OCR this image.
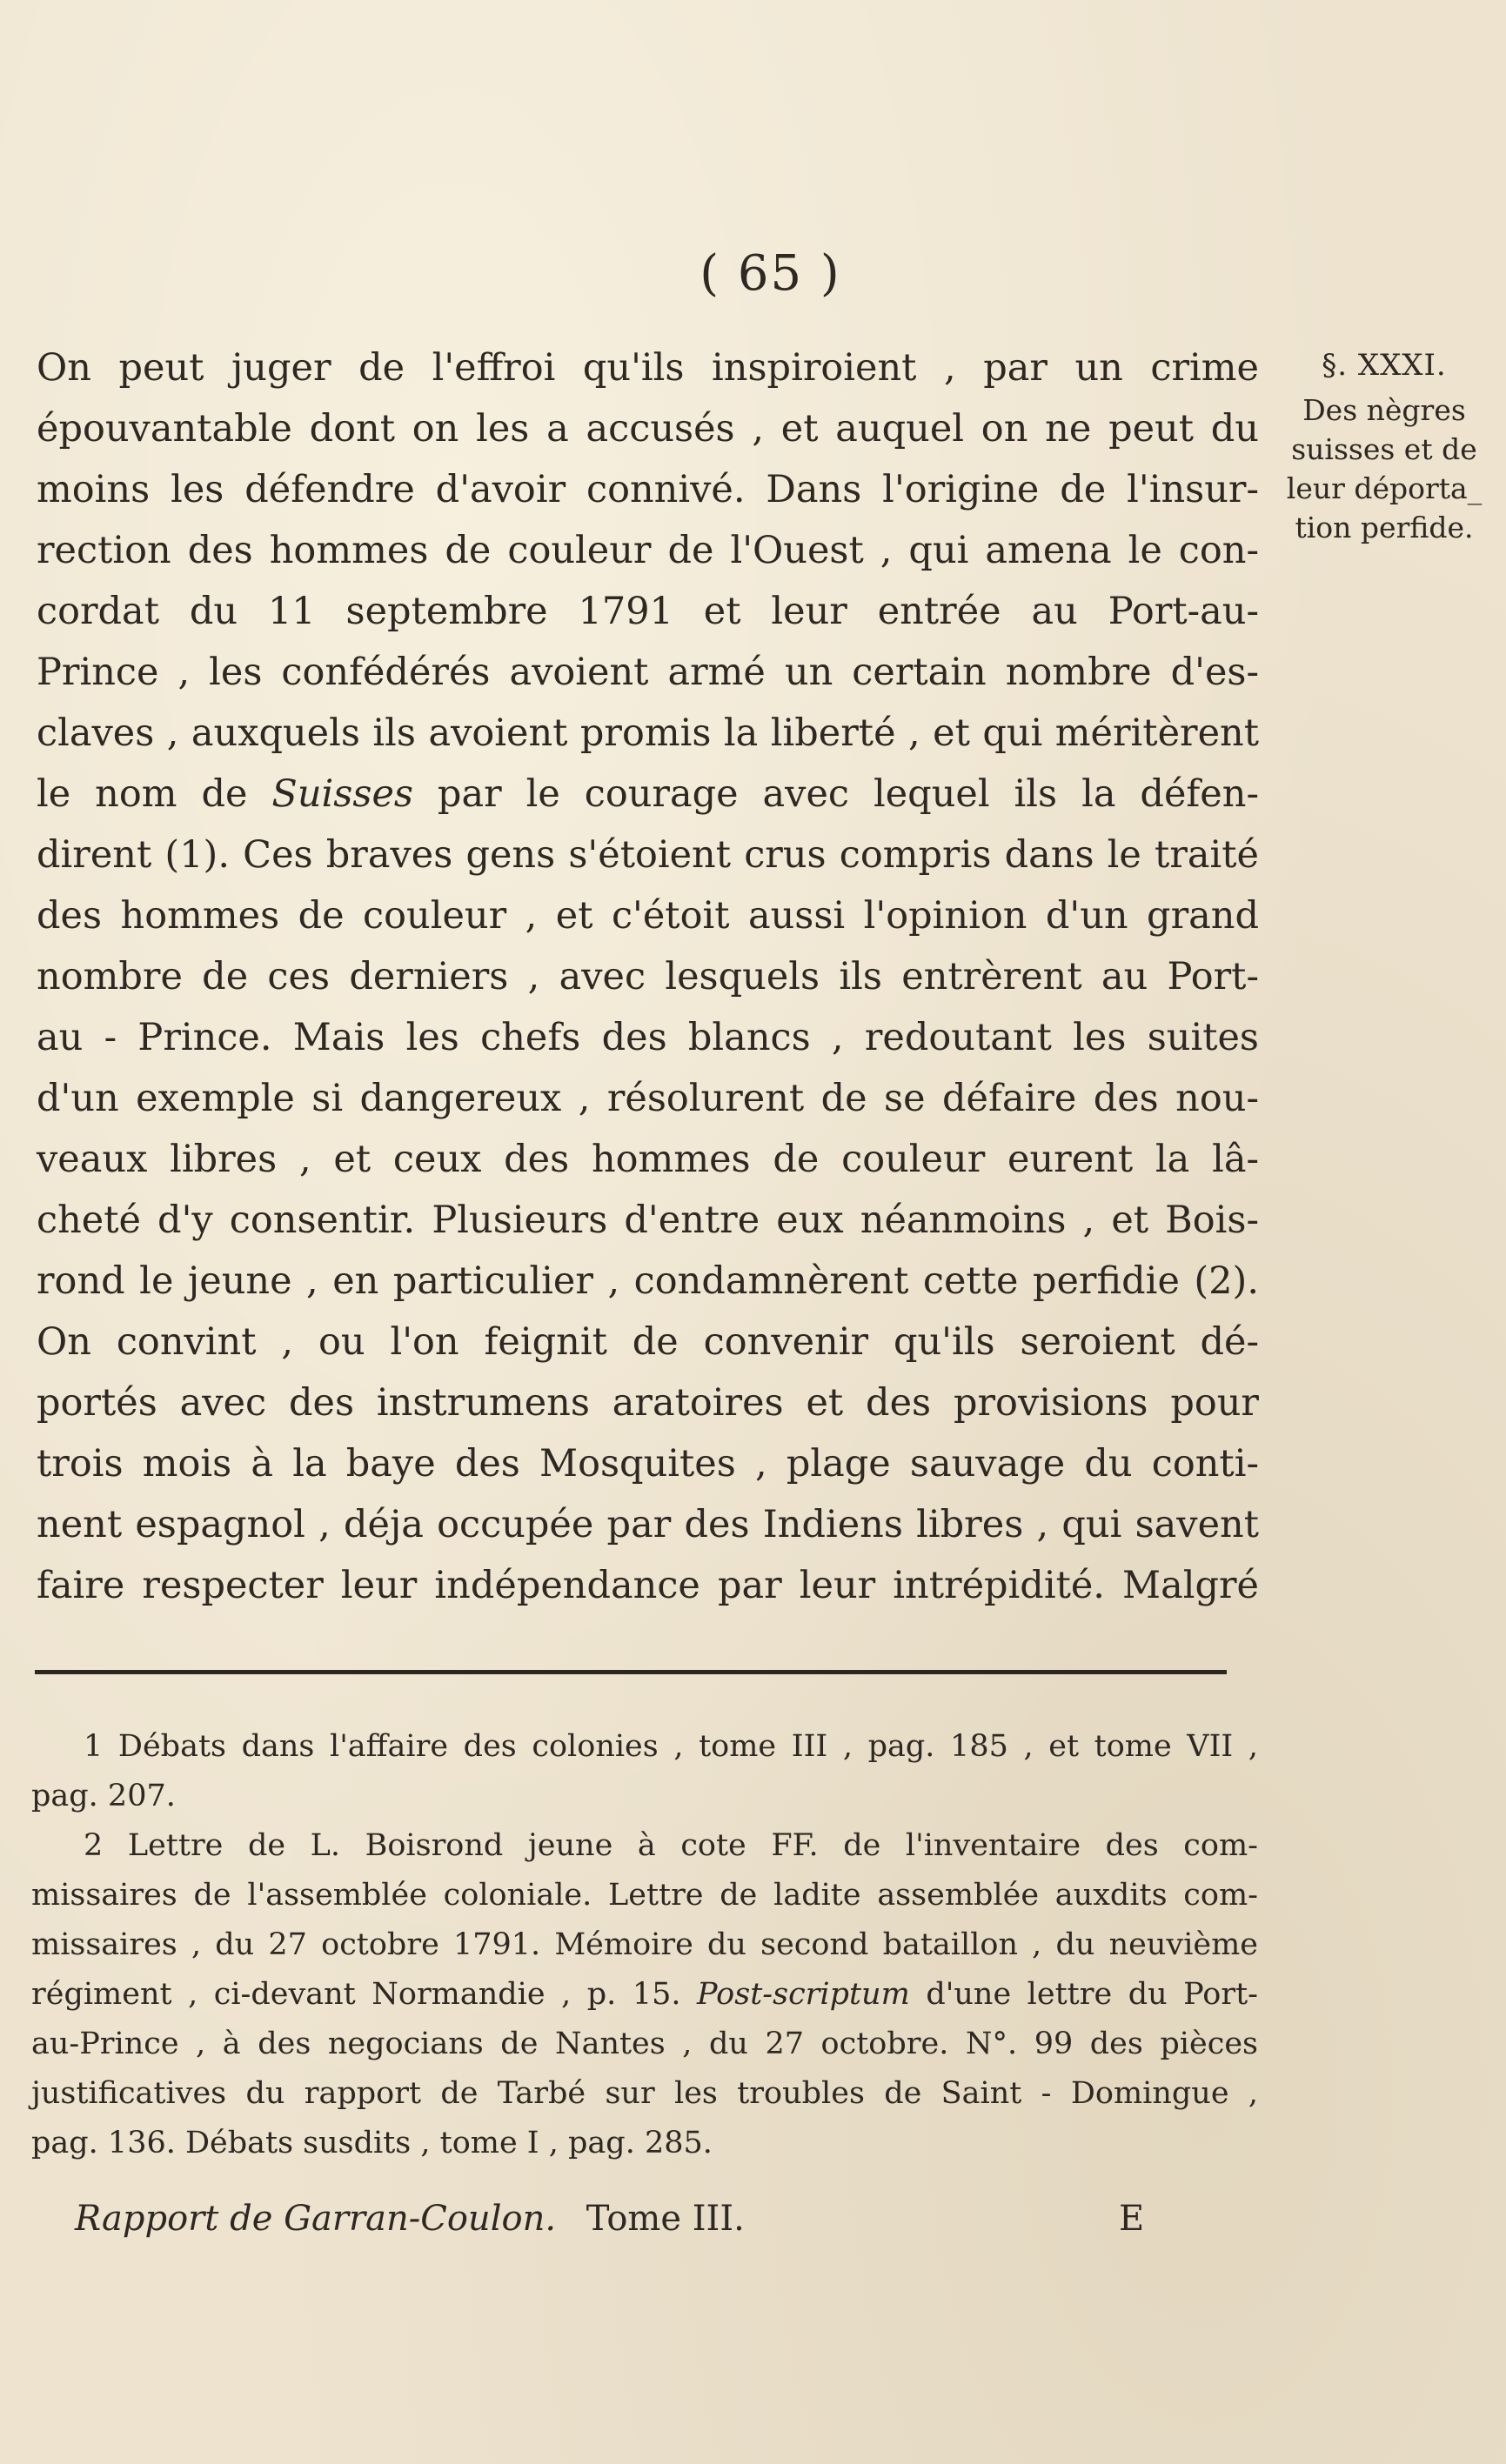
( 65 )
§. XXXI.
Des nègres
suisses et de
leur déporta_
tion perfide.
On peut juger de l'effroi qu'ils inspiroient , par un crime
épouvantable dont on les a accusés , et auquel on ne peut du
moins les défendre d'avoir connivé. Dans l'origine de l'insur-
rection des hommes de couleur de l'Ouest , qui amena le con-
cordat du 11 septembre 1791 et leur entrée au Port-au-
Prince , les confédérés avoient armé un certain nombre d'es-
claves , auxquels ils avoient promis la liberté , et qui méritèrent
le nom de Suisses par le courage avec lequel ils la défen-
dirent (1). Ces braves gens s'étoient crus compris dans le traité
des hommes de couleur , et c'étoit aussi l'opinion d'un grand
nombre de ces derniers , avec lesquels ils entrèrent au Port-
au - Prince. Mais les chefs des blancs , redoutant les suites
d'un exemple si dangereux , résolurent de se défaire des nou-
veaux libres , et ceux des hommes de couleur eurent la lâ-
cheté d'y consentir. Plusieurs d'entre eux néanmoins , et Bois-
rond le jeune , en particulier , condamnèrent cette perfidie (2).
On convint , ou l'on feignit de convenir qu'ils seroient dé-
portés avec des instrumens aratoires et des provisions pour
trois mois à la baye des Mosquites , plage sauvage du conti-
nent espagnol , déja occupée par des Indiens libres , qui savent
faire respecter leur indépendance par leur intrépidité. Malgré
1 Débats dans l'affaire des colonies , tome III , pag. 185 , et tome VII ,
pag. 207.
2 Lettre de L. Boisrond jeune à cote FF. de l'inventaire des com-
missaires de l'assemblée coloniale. Lettre de ladite assemblée auxdits com-
missaires , du 27 octobre 1791. Mémoire du second bataillon , du neuvième
régiment , ci-devant Normandie , p. 15. Post-scriptum d'une lettre du Port-
au-Prince , à des negocians de Nantes , du 27 octobre. N°. 99 des pièces
justificatives du rapport de Tarbé sur les troubles de Saint - Domingue ,
pag. 136. Débats susdits , tome I , pag. 285.
Rapport de Garran-Coulon. Tome III.	E
